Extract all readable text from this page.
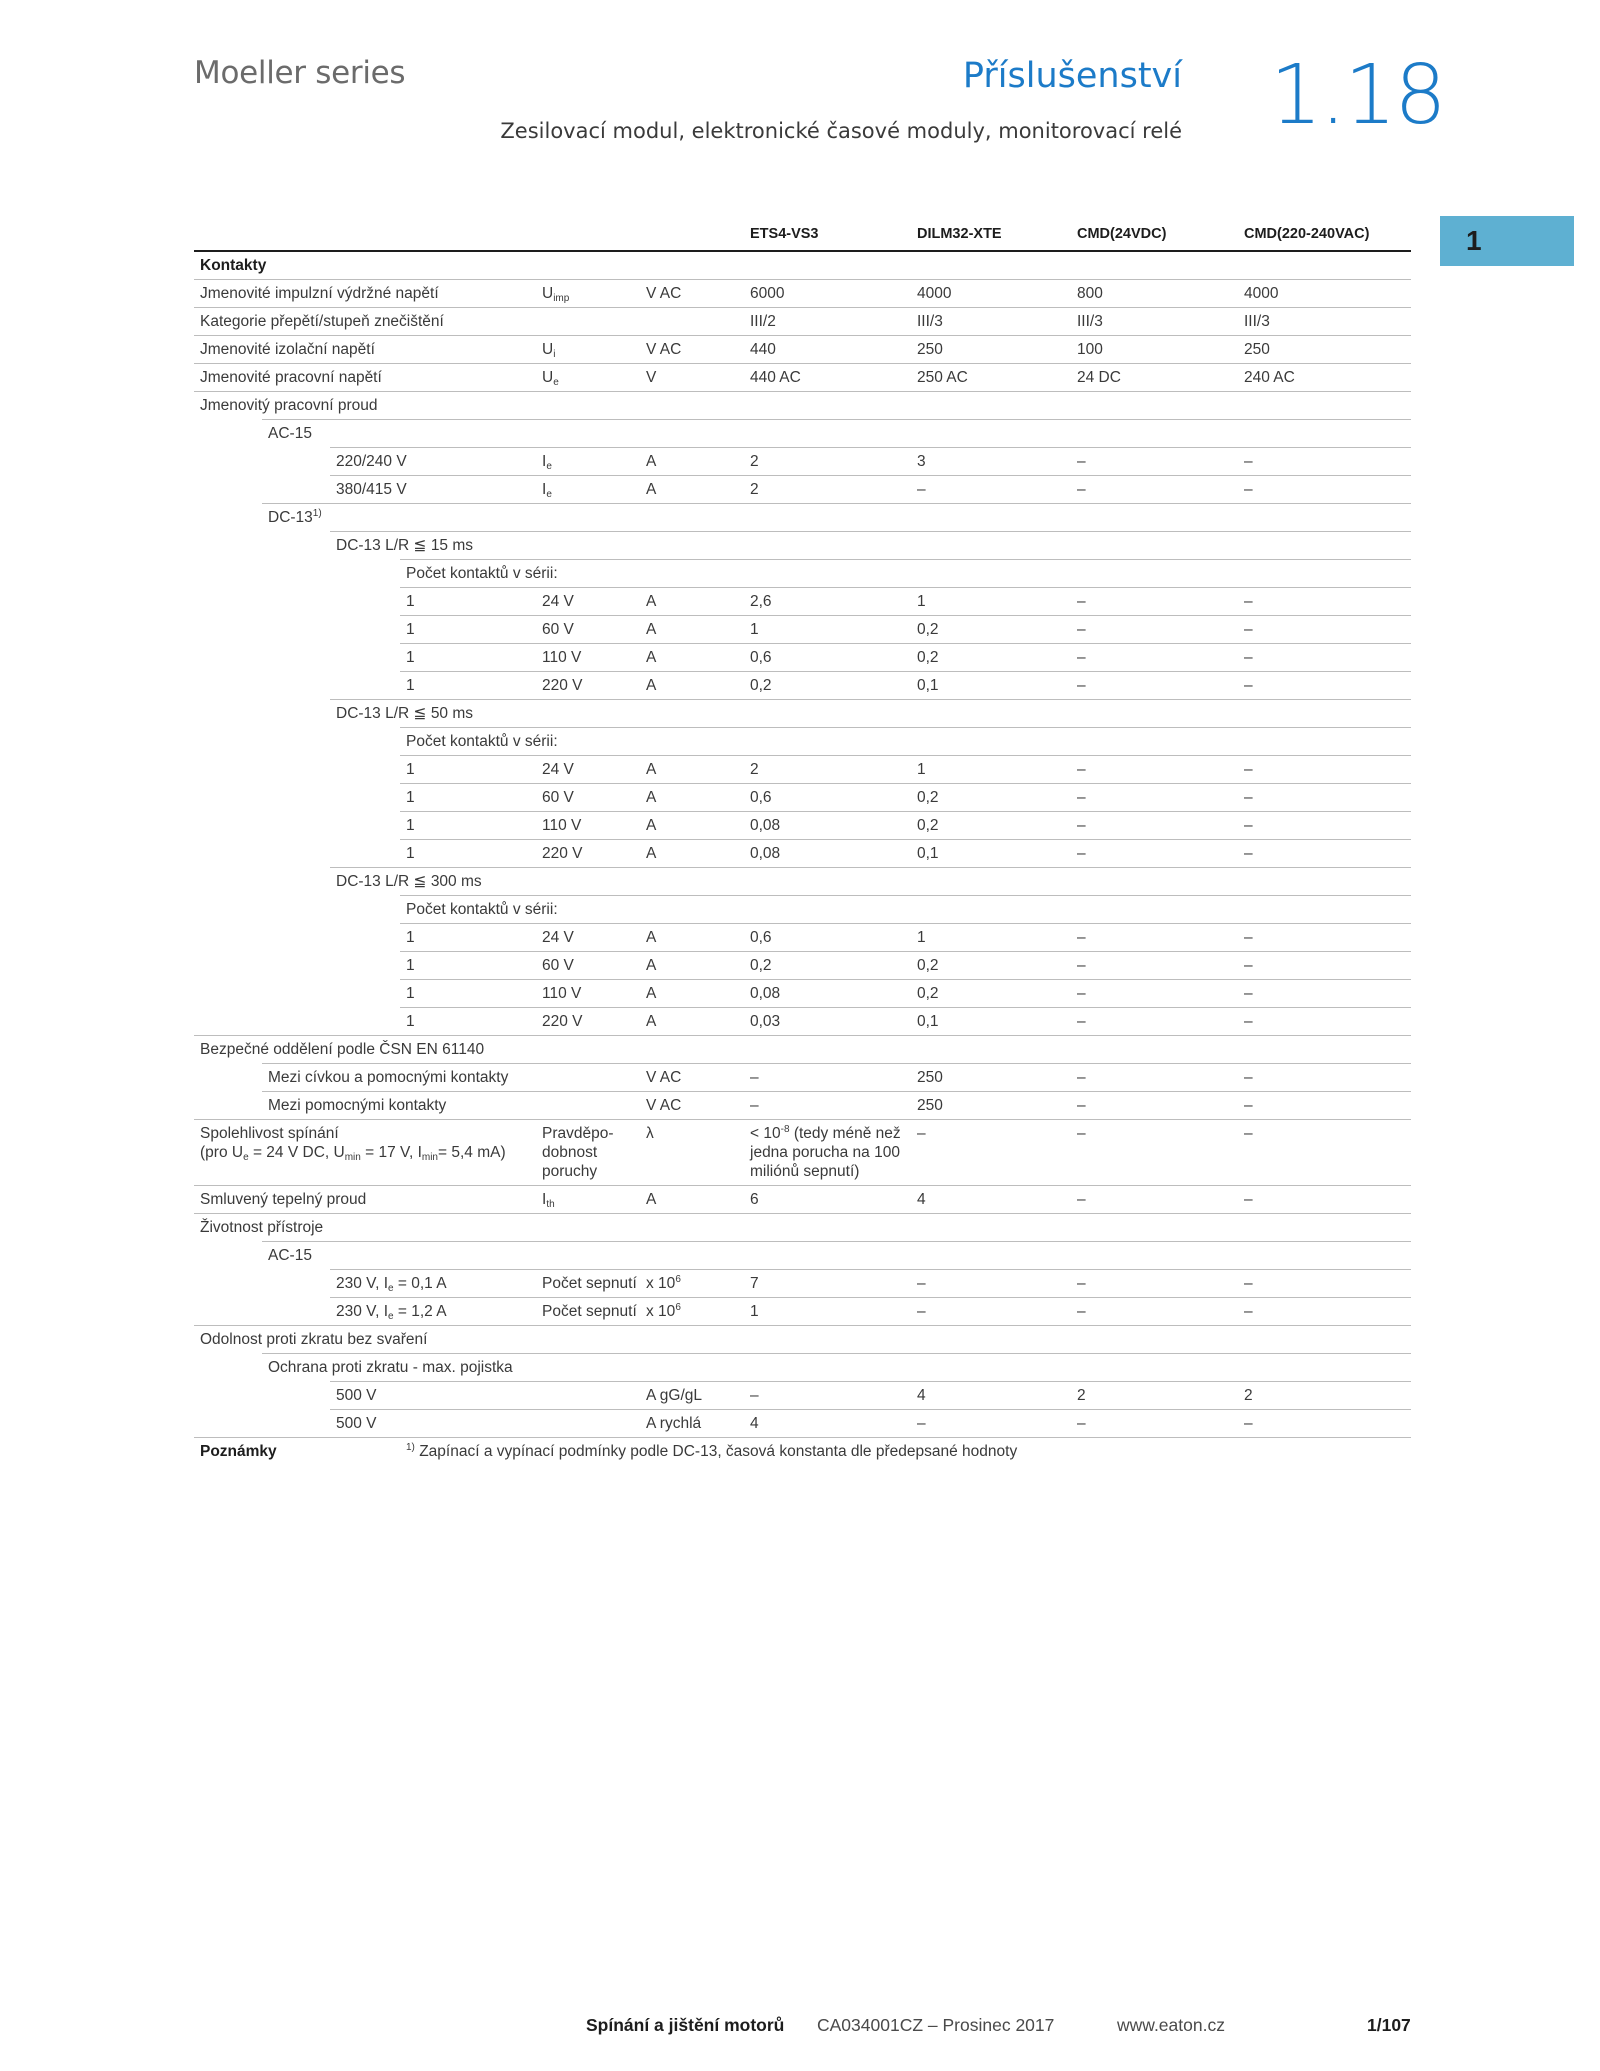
Moeller series	Příslušenství
Zesilovací modul, elektronické časové moduly, monitorovací relé 1.18
1
						ETS4-VS3	DILM32-XTE	CMD(24VDC)	CMD(220-240VAC)
Kontakty									
Jmenovité impulzní výdržné napětí				$U_{imp}$	V AC	6000	4000	800	4000
Kategorie přepětí/stupeň znečištění						III/2	III/3	III/3	III/3
Jmenovité izolační napětí				$U_i$	V AC	440	250	100	250
Jmenovité pracovní napětí				$U_e$	V	440 AC	250 AC	24 DC	240 AC
Jmenovitý pracovní proud									
	AC-15								
		220/240 V		$I_e$	A	2	3	–	–
		380/415 V		$I_e$	A	2	–	–	–
	DC-13$^{1)}$
		DC-13 L/R ≦ 15 ms							
			Počet kontaktů v sérii:						
			1	24 V	A	2,6	1	–	–
			1	60 V	A	1	0,2	–	–
			1	110 V	A	0,6	0,2	–	–
			1	220 V	A	0,2	0,1	–	–
		DC-13 L/R ≦ 50 ms							
			Počet kontaktů v sérii:						
			1	24 V	A	2	1	–	–
			1	60 V	A	0,6	0,2	–	–
			1	110 V	A	0,08	0,2	–	–
			1	220 V	A	0,08	0,1	–	–
		DC-13 L/R ≦ 300 ms							
			Počet kontaktů v sérii:						
			1	24 V	A	0,6	1	–	–
			1	60 V	A	0,2	0,2	–	–
			1	110 V	A	0,08	0,2	–	–
			1	220 V	A	0,03	0,1	–	–
Bezpečné oddělení podle ČSN EN 61140									
	Mezi cívkou a pomocnými kontakty				V AC	–	250	–	–
	Mezi pomocnými kontakty				V AC	–	250	–	–

Spolehlivost spínání
(pro $U_e = 24$ V DC, $U_{min} = 17$ V, $I_{min}= 5,4$ mA)				Pravděpo-dobnost poruchy	λ	< $10^{-8}$ (tedy méně než jedna porucha na 100 miliónů sepnutí)	–	–	–
Smluvený tepelný proud				$I_{th}$	A	6	4	–	–
Životnost přístroje									
	AC-15								
		230 V, $I_e = 0,1$ A		Počet sepnutí	x $10^6$	7	–	–	–
		230 V, $I_e = 1,2$ A		Počet sepnutí	x $10^6$	1	–	–	–
Odolnost proti zkratu bez svaření									
	Ochrana proti zkratu - max. pojistka								
		500 V			A gG/gL	–	4	2	2
		500 V			A rychlá	4	–	–	–
Poznámky			$^{1)}$ Zapínací a vypínací podmínky podle DC-13, časová konstanta dle předepsané hodnoty						
Spínání a jištění motorů CA034001CZ – Prosinec 2017	www.eaton.cz	1/107
